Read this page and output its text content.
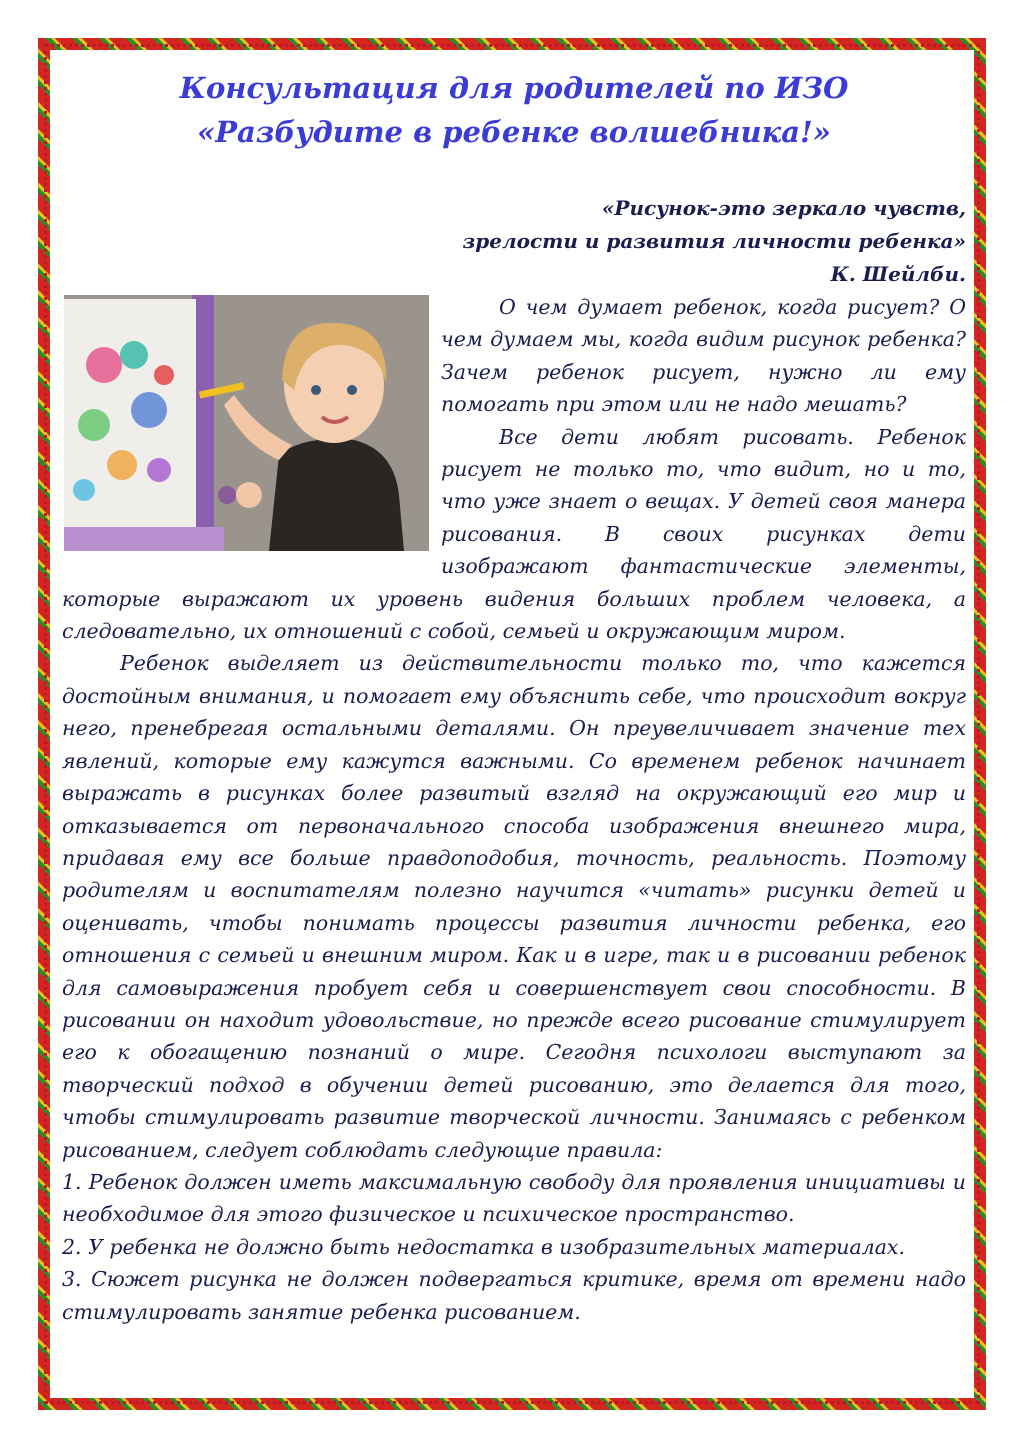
Консультация для родителей по ИЗО
«Разбудите в ребенке волшебника!»
«Рисунок-это зеркало чувств,
зрелости и развития личности ребенка»
К. Шейлби.

О чем думает ребенок, когда рисует? О чем думаем мы, когда видим рисунок ребенка? Зачем ребенок рисует, нужно ли ему помогать при этом или не надо мешать?

Все дети любят рисовать. Ребенок рисует не только то, что видит, но и то, что уже знает о вещах. У детей своя манера рисования. В своих рисунках дети изображают фантастические элементы, которые выражают их уровень видения больших проблем человека, а следовательно, их отношений с собой, семьей и окружающим миром.

Ребенок выделяет из действительности только то, что кажется достойным внимания, и помогает ему объяснить себе, что происходит вокруг него, пренебрегая остальными деталями. Он преувеличивает значение тех явлений, которые ему кажутся важными. Со временем ребенок начинает выражать в рисунках более развитый взгляд на окружающий его мир и отказывается от первоначального способа изображения внешнего мира, придавая ему все больше правдоподобия, точность, реальность. Поэтому родителям и воспитателям полезно научится «читать» рисунки детей и оценивать, чтобы понимать процессы развития личности ребенка, его отношения с семьей и внешним миром. Как и в игре, так и в рисовании ребенок для самовыражения пробует себя и совершенствует свои способности. В рисовании он находит удовольствие, но прежде всего рисование стимулирует его к обогащению познаний о мире. Сегодня психологи выступают за творческий подход в обучении детей рисованию, это делается для того, чтобы стимулировать развитие творческой личности. Занимаясь с ребенком рисованием, следует соблюдать следующие правила:

1. Ребенок должен иметь максимальную свободу для проявления инициативы и необходимое для этого физическое и психическое пространство.

2. У ребенка не должно быть недостатка в изобразительных материалах.

3. Сюжет рисунка не должен подвергаться критике, время от времени надо стимулировать занятие ребенка рисованием.
